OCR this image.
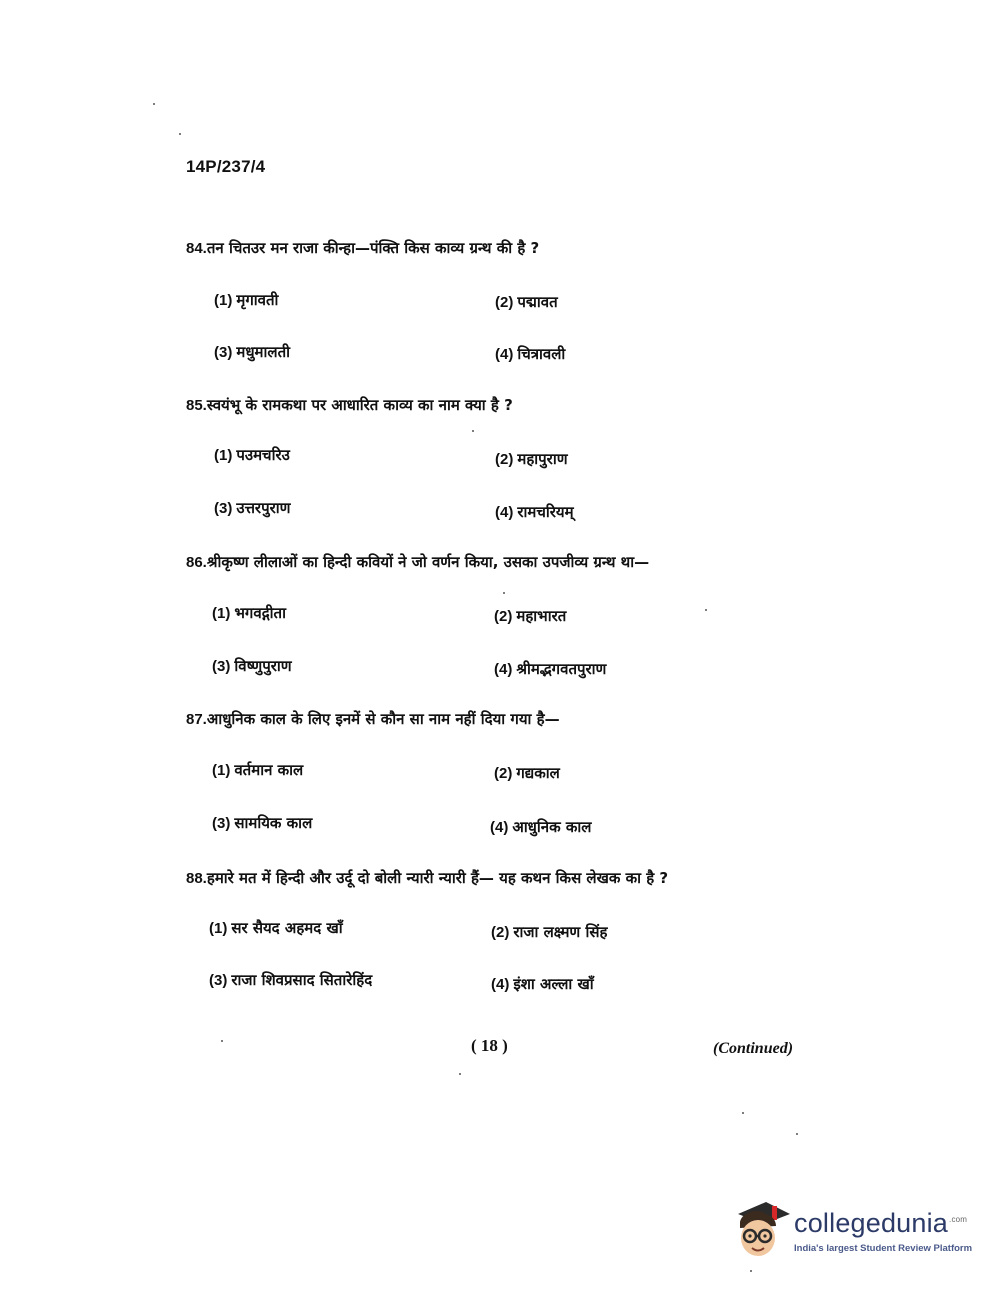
14P/237/4
84.तन चितउर मन राजा कीन्हा—पंक्ति किस काव्य ग्रन्थ की है ?
(1) मृगावती	(2) पद्मावत
(3) मधुमालती	(4) चित्रावली
85.स्वयंभू के रामकथा पर आधारित काव्य का नाम क्या है ?
(1) पउमचरिउ	(2) महापुराण
(3) उत्तरपुराण	(4) रामचरियम्
86.श्रीकृष्ण लीलाओं का हिन्दी कवियों ने जो वर्णन किया, उसका उपजीव्य ग्रन्थ था—
(1) भगवद्गीता	(2) महाभारत
(3) विष्णुपुराण	(4) श्रीमद्भगवतपुराण
87.आधुनिक काल के लिए इनमें से कौन सा नाम नहीं दिया गया है—
(1) वर्तमान काल	(2) गद्यकाल
(3) सामयिक काल	(4) आधुनिक काल
88.हमारे मत में हिन्दी और उर्दू दो बोली न्यारी न्यारी हैं— यह कथन किस लेखक का है ?
(1) सर सैयद अहमद खाँ	(2) राजा लक्ष्मण सिंह
(3) राजा शिवप्रसाद सितारेहिंद	(4) इंशा अल्ला खाँ
( 18 )	(Continued)
collegedunia$^{.com}$
India's largest Student Review Platform
